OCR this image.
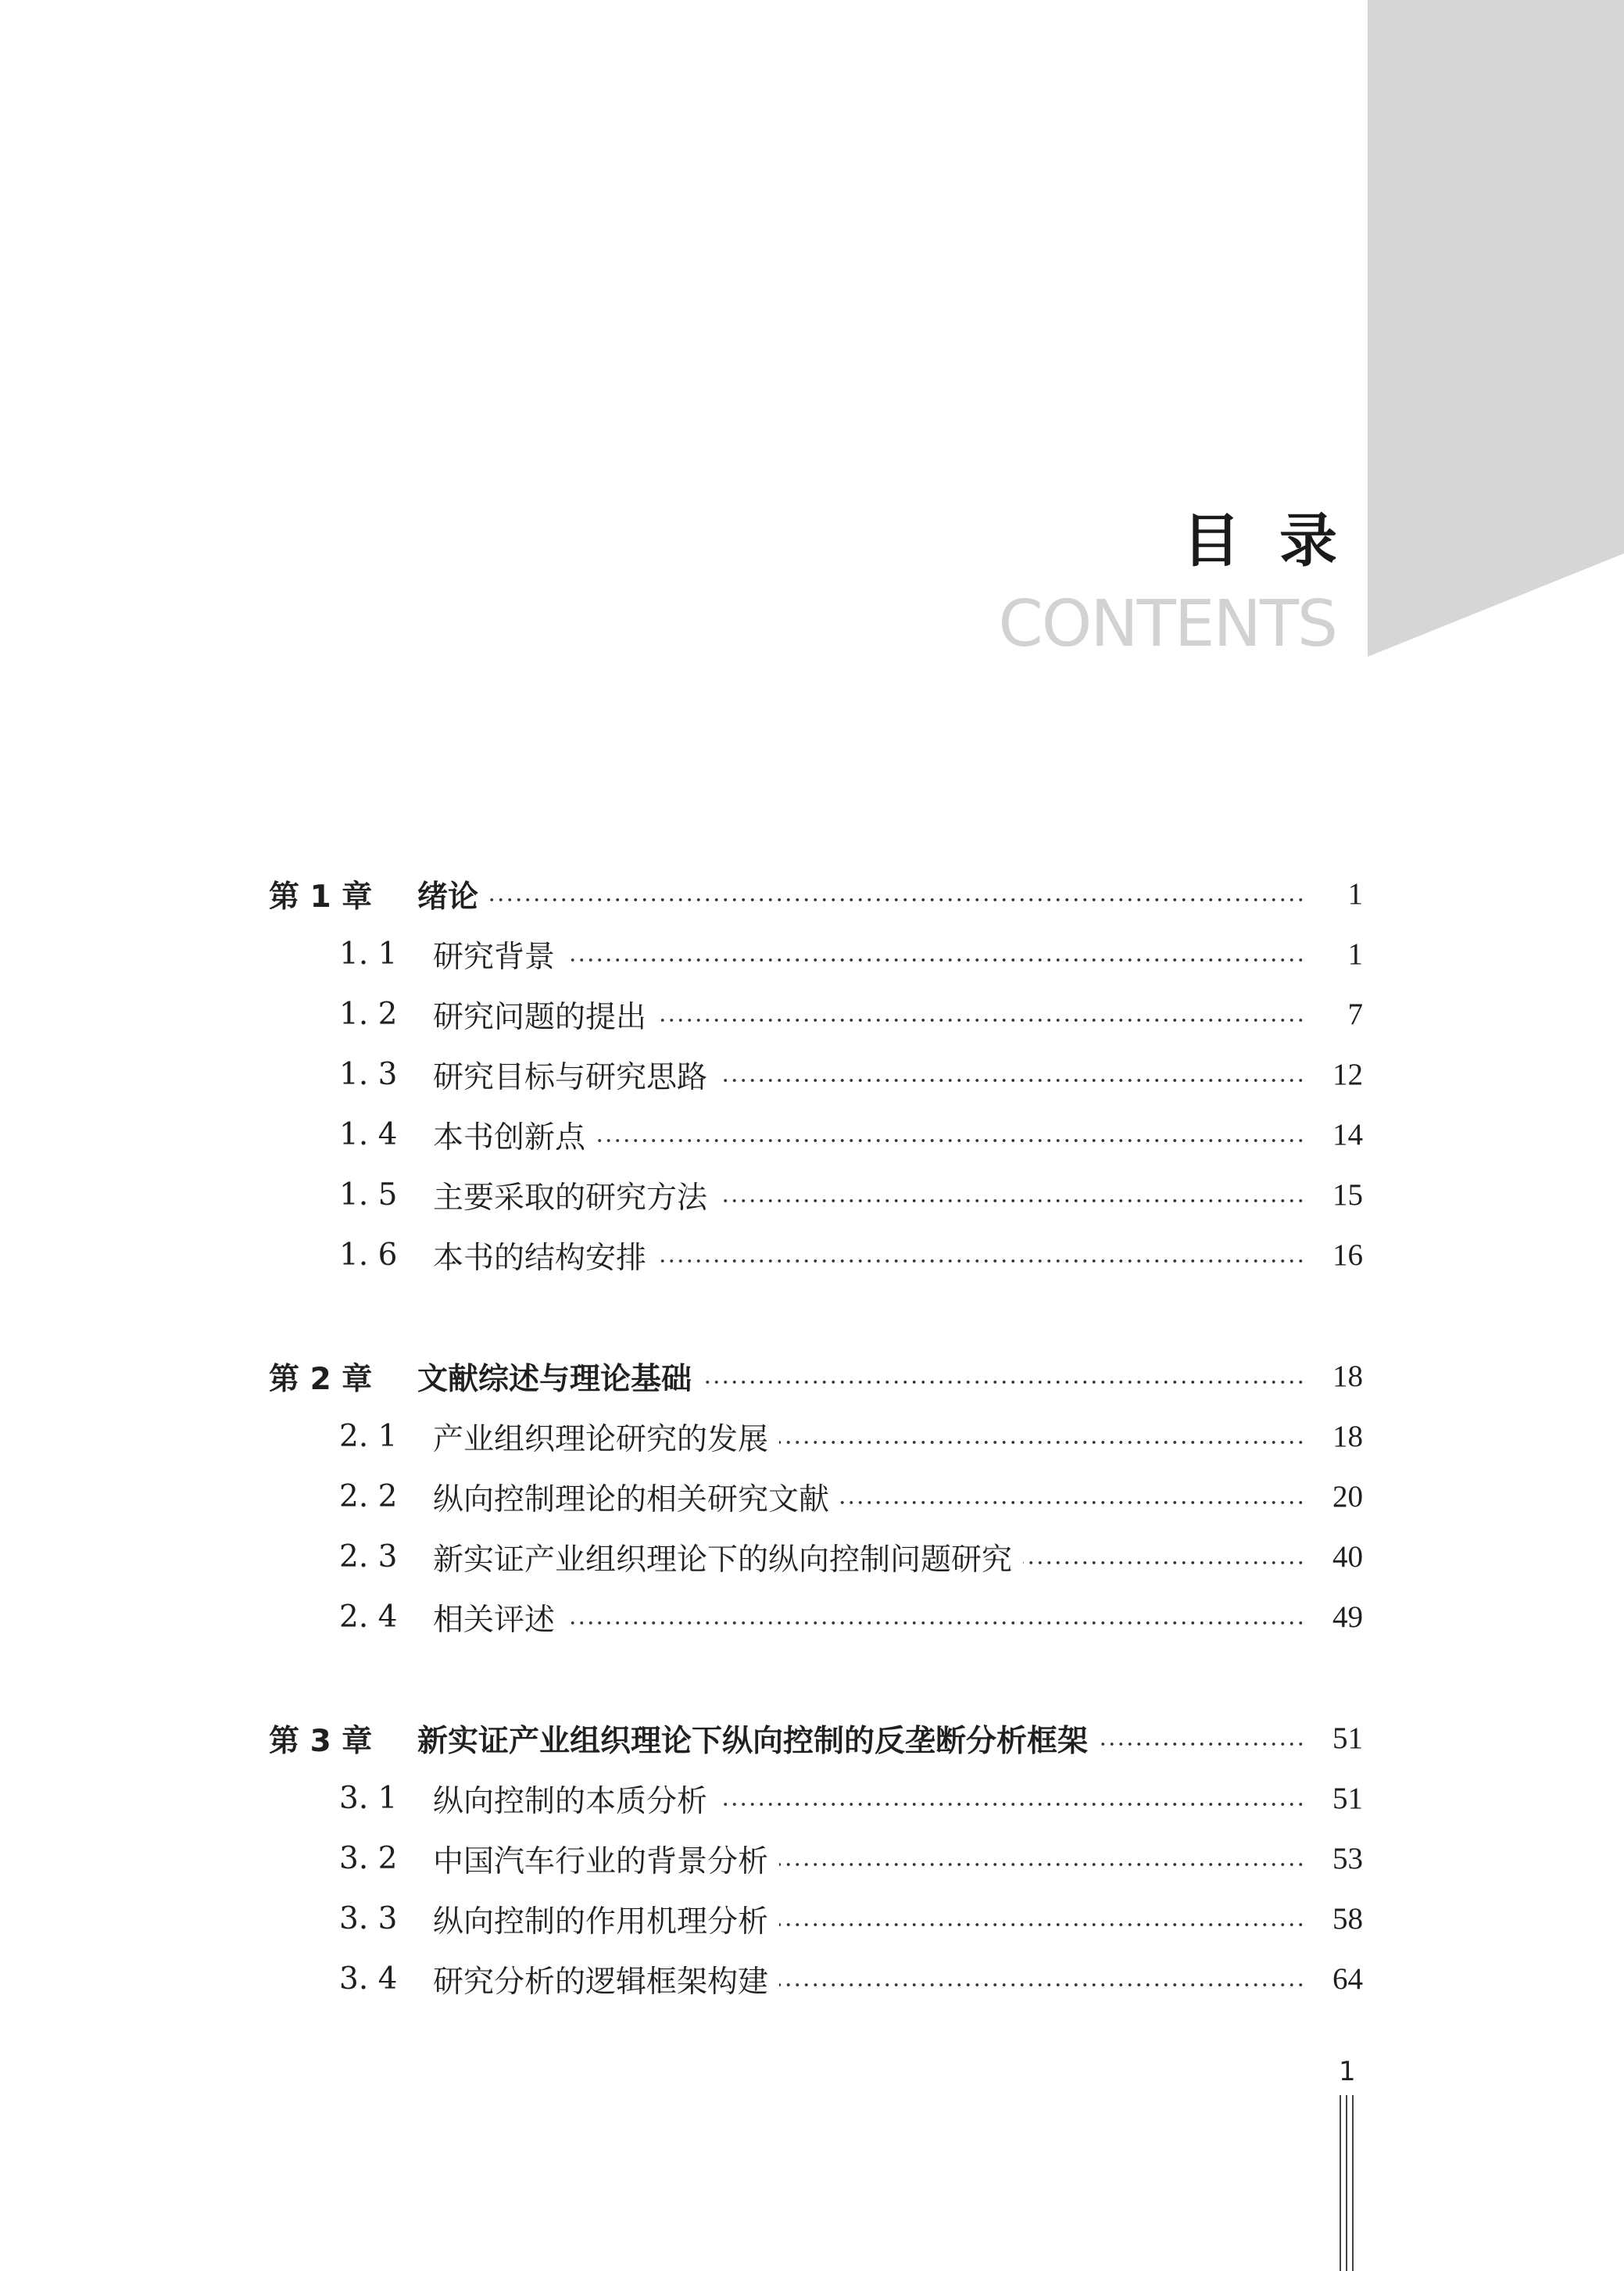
目录
CONTENTS
第 1 章	绪论	1
1. 1	研究背景	1
1. 2	研究问题的提出	7
1. 3	研究目标与研究思路	12
1. 4	本书创新点	14
1. 5	主要采取的研究方法	15
1. 6	本书的结构安排	16
第 2 章	文献综述与理论基础	18
2. 1	产业组织理论研究的发展	18
2. 2	纵向控制理论的相关研究文献	20
2. 3	新实证产业组织理论下的纵向控制问题研究	40
2. 4	相关评述	49
第 3 章	新实证产业组织理论下纵向控制的反垄断分析框架	51
3. 1	纵向控制的本质分析	51
3. 2	中国汽车行业的背景分析	53
3. 3	纵向控制的作用机理分析	58
3. 4	研究分析的逻辑框架构建	64
1
